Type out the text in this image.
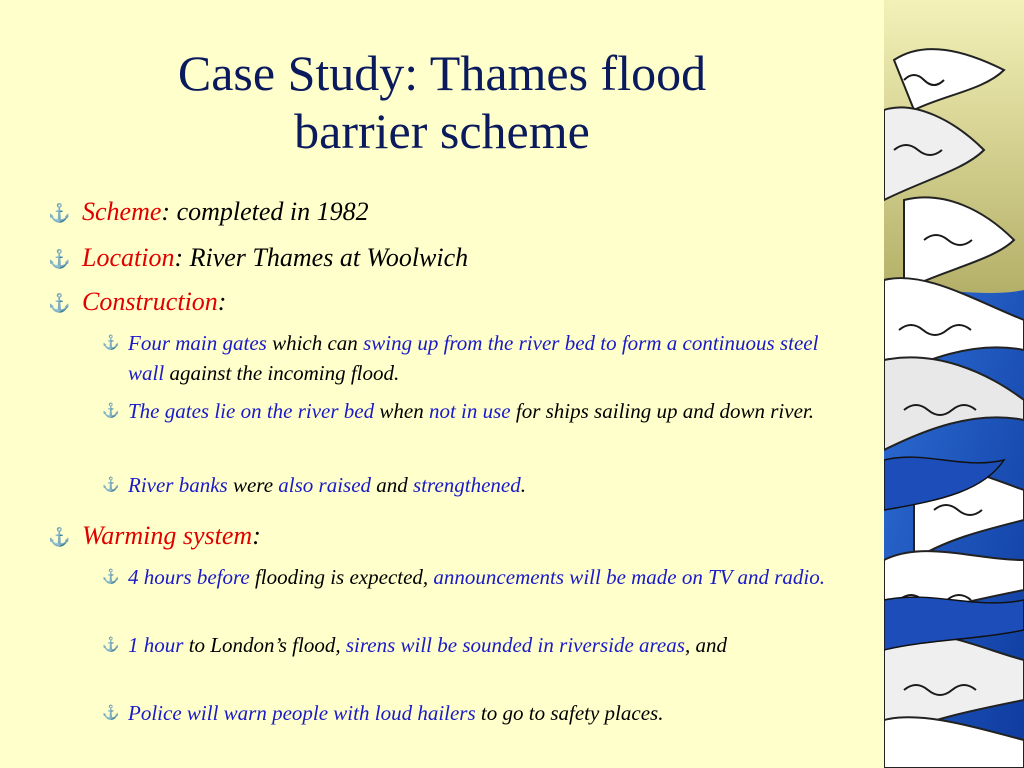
Case Study: Thames flood
barrier scheme
⚓ Scheme: completed in 1982
⚓ Location: River Thames at Woolwich
⚓ Construction:
⚓ Four main gates which can swing up from the river bed to form a continuous steel wall against the incoming flood.
⚓ The gates lie on the river bed when not in use for ships sailing up and down river.
⚓ River banks were also raised and strengthened.
⚓ Warming system:
⚓ 4 hours before flooding is expected, announcements will be made on TV and radio.
⚓ 1 hour to London’s flood, sirens will be sounded in riverside areas, and
⚓ Police will warn people with loud hailers to go to safety places.
